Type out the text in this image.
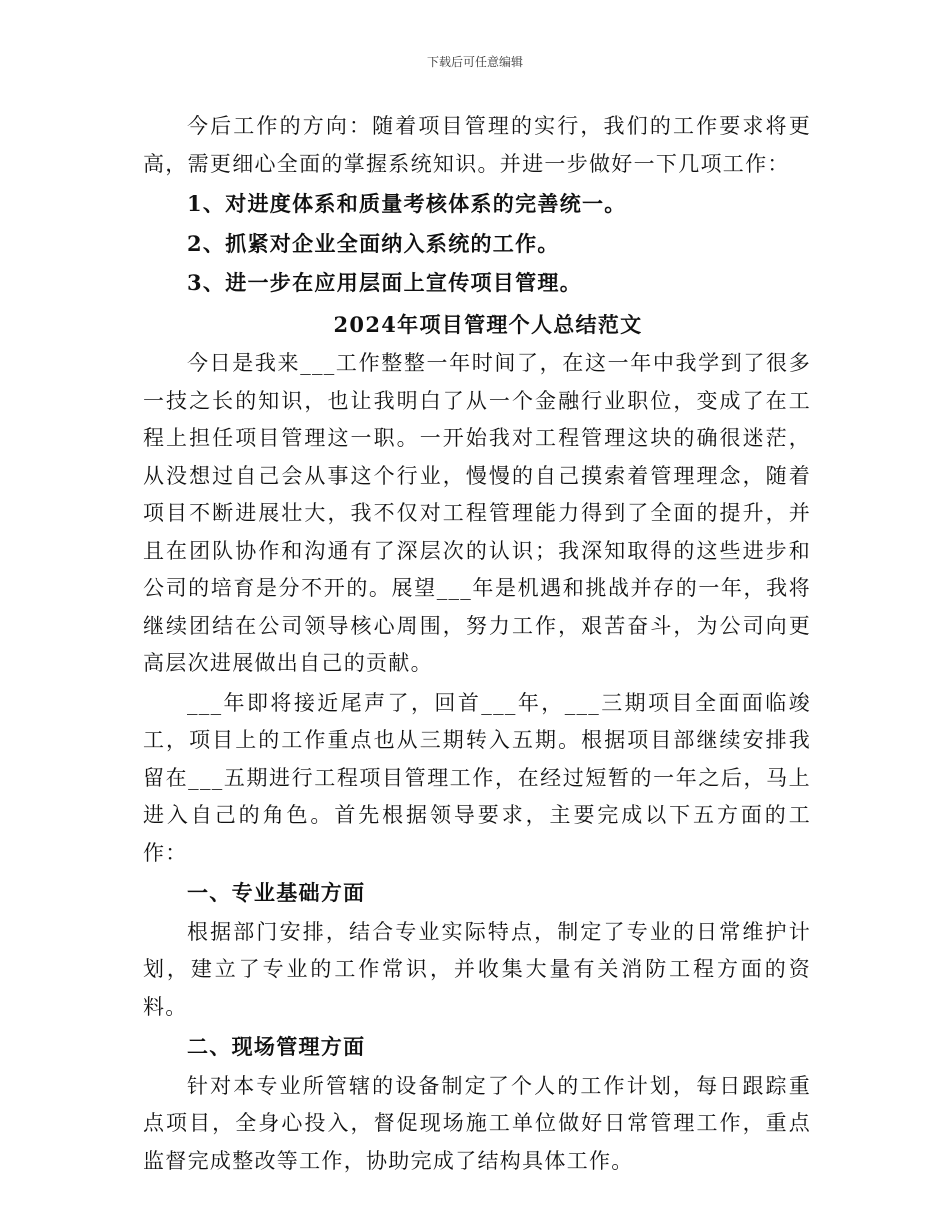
下载后可任意编辑

今后工作的方向：随着项目管理的实行，我们的工作要求将更高，需更细心全面的掌握系统知识。并进一步做好一下几项工作：

1、对进度体系和质量考核体系的完善统一。

2、抓紧对企业全面纳入系统的工作。

3、进一步在应用层面上宣传项目管理。

2024年项目管理个人总结范文

今日是我来___工作整整一年时间了，在这一年中我学到了很多一技之长的知识，也让我明白了从一个金融行业职位，变成了在工程上担任项目管理这一职。一开始我对工程管理这块的确很迷茫，从没想过自己会从事这个行业，慢慢的自己摸索着管理理念，随着项目不断进展壮大，我不仅对工程管理能力得到了全面的提升，并且在团队协作和沟通有了深层次的认识；我深知取得的这些进步和公司的培育是分不开的。展望___年是机遇和挑战并存的一年，我将继续团结在公司领导核心周围，努力工作，艰苦奋斗，为公司向更高层次进展做出自己的贡献。

___年即将接近尾声了，回首___年，___三期项目全面面临竣工，项目上的工作重点也从三期转入五期。根据项目部继续安排我留在___五期进行工程项目管理工作，在经过短暂的一年之后，马上进入自己的角色。首先根据领导要求，主要完成以下五方面的工作：

一、专业基础方面

根据部门安排，结合专业实际特点，制定了专业的日常维护计划，建立了专业的工作常识，并收集大量有关消防工程方面的资料。

二、现场管理方面

针对本专业所管辖的设备制定了个人的工作计划，每日跟踪重点项目，全身心投入，督促现场施工单位做好日常管理工作，重点监督完成整改等工作，协助完成了结构具体工作。
